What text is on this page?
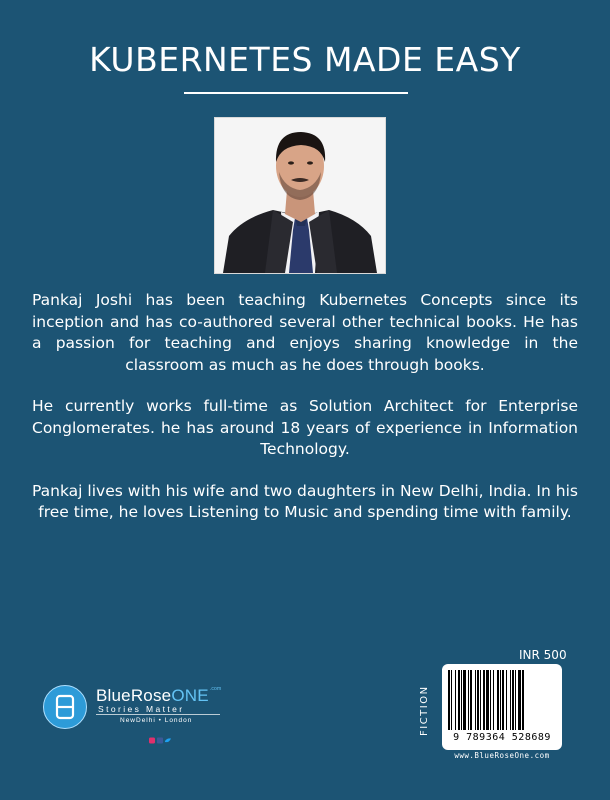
KUBERNETES MADE EASY

Pankaj Joshi has been teaching Kubernetes Concepts since its inception and has co-authored several other technical books. He has a passion for teaching and enjoys sharing knowledge in the classroom as much as he does through books.

He currently works full-time as Solution Architect for Enterprise Conglomerates. he has around 18 years of experience in Information Technology.

Pankaj lives with his wife and two daughters in New Delhi, India. In his free time, he loves Listening to Music and spending time with family.

BlueRoseONE$^{.com}$
Stories Matter
NewDelhi • London
INR 500
FICTION
9 789364 528689
www.BlueRoseOne.com
